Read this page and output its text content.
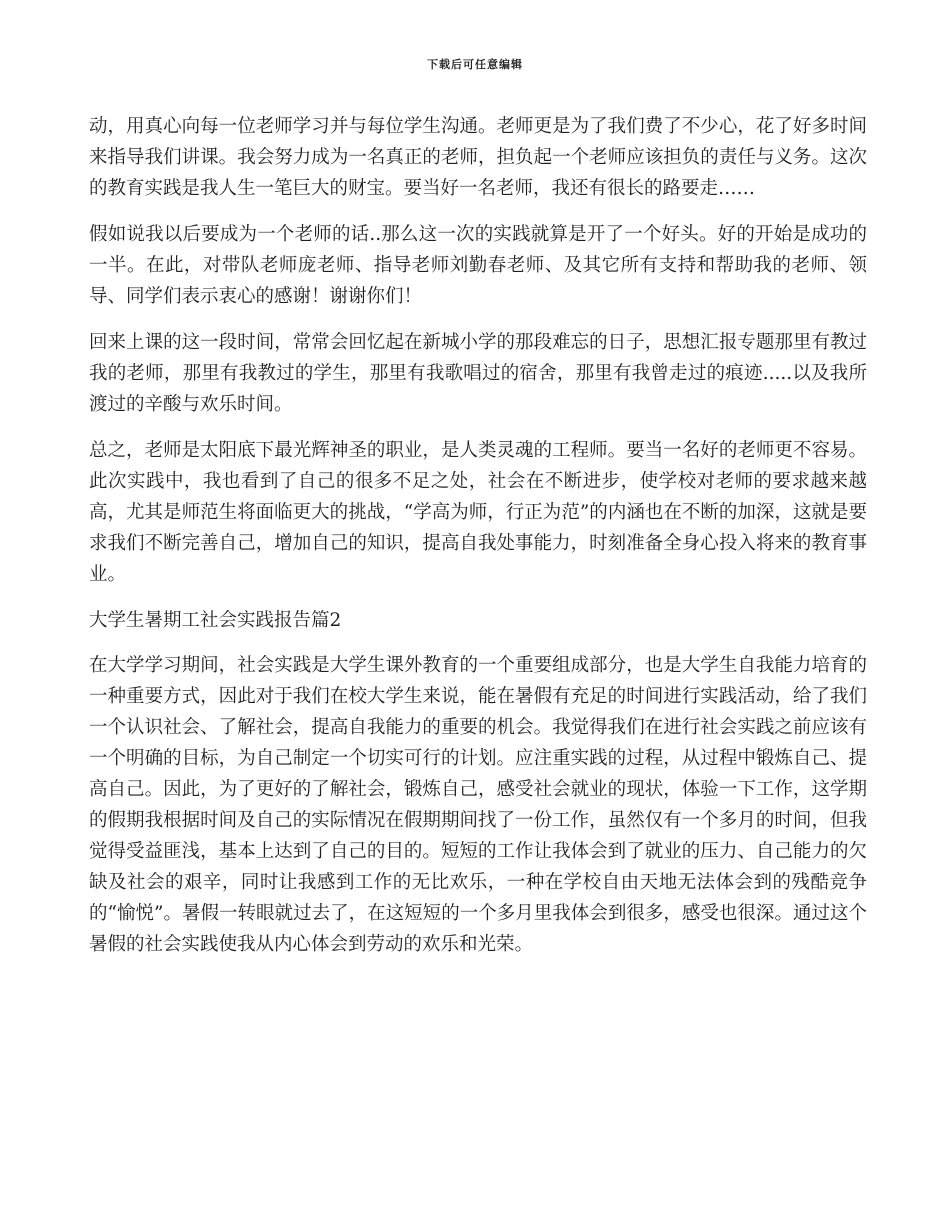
下载后可任意编辑

动，用真心向每一位老师学习并与每位学生沟通。老师更是为了我们费了不少心，花了好多时间来指导我们讲课。我会努力成为一名真正的老师，担负起一个老师应该担负的责任与义务。这次的教育实践是我人生一笔巨大的财宝。要当好一名老师，我还有很长的路要走……

假如说我以后要成为一个老师的话..那么这一次的实践就算是开了一个好头。好的开始是成功的一半。在此，对带队老师庞老师、指导老师刘勤春老师、及其它所有支持和帮助我的老师、领导、同学们表示衷心的感谢！谢谢你们！

回来上课的这一段时间，常常会回忆起在新城小学的那段难忘的日子，思想汇报专题那里有教过我的老师，那里有我教过的学生，那里有我歌唱过的宿舍，那里有我曾走过的痕迹.....以及我所渡过的辛酸与欢乐时间。

总之，老师是太阳底下最光辉神圣的职业，是人类灵魂的工程师。要当一名好的老师更不容易。此次实践中，我也看到了自己的很多不足之处，社会在不断进步，使学校对老师的要求越来越高，尤其是师范生将面临更大的挑战，“学高为师，行正为范”的内涵也在不断的加深，这就是要求我们不断完善自己，增加自己的知识，提高自我处事能力，时刻准备全身心投入将来的教育事业。

大学生暑期工社会实践报告篇2

在大学学习期间，社会实践是大学生课外教育的一个重要组成部分，也是大学生自我能力培育的一种重要方式，因此对于我们在校大学生来说，能在暑假有充足的时间进行实践活动，给了我们一个认识社会、了解社会，提高自我能力的重要的机会。我觉得我们在进行社会实践之前应该有一个明确的目标，为自己制定一个切实可行的计划。应注重实践的过程，从过程中锻炼自己、提高自己。因此，为了更好的了解社会，锻炼自己，感受社会就业的现状，体验一下工作，这学期的假期我根据时间及自己的实际情况在假期期间找了一份工作，虽然仅有一个多月的时间，但我觉得受益匪浅，基本上达到了自己的目的。短短的工作让我体会到了就业的压力、自己能力的欠缺及社会的艰辛，同时让我感到工作的无比欢乐，一种在学校自由天地无法体会到的残酷竞争的“愉悦”。暑假一转眼就过去了，在这短短的一个多月里我体会到很多，感受也很深。通过这个暑假的社会实践使我从内心体会到劳动的欢乐和光荣。
